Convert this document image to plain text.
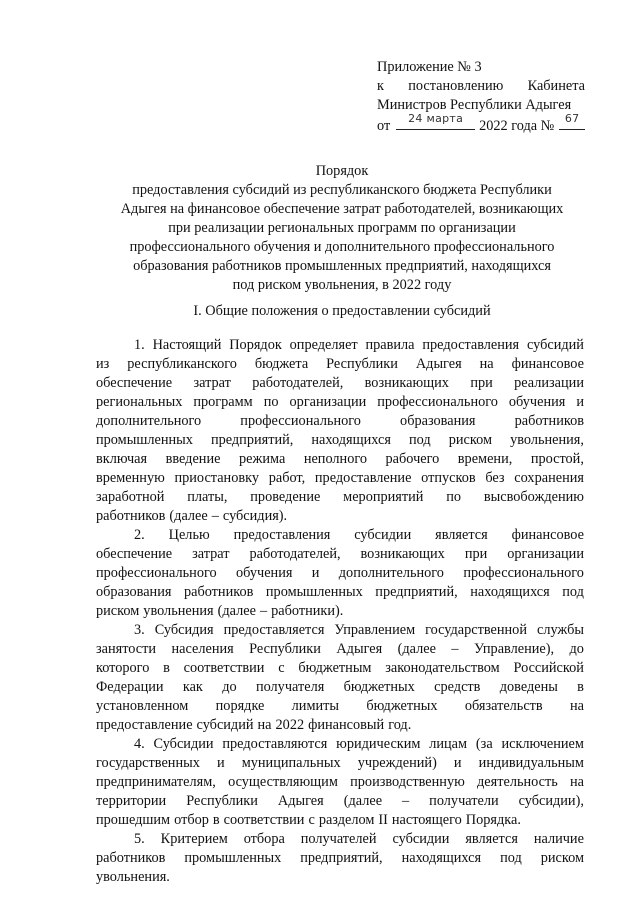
Приложение № 3
к постановлению Кабинета
Министров Республики Адыгея
от	24 марта	2022 года № 67
Порядок
предоставления субсидий из республиканского бюджета Республики
Адыгея на финансовое обеспечение затрат работодателей, возникающих
при реализации региональных программ по организации
профессионального обучения и дополнительного профессионального
образования работников промышленных предприятий, находящихся
под риском увольнения, в 2022 году
I. Общие положения о предоставлении субсидий
1. Настоящий Порядок определяет правила предоставления субсидий
из республиканского бюджета Республики Адыгея на финансовое
обеспечение затрат работодателей, возникающих при реализации
региональных программ по организации профессионального обучения и
дополнительного	профессионального	образования	работников
промышленных предприятий, находящихся под риском увольнения,
включая введение режима неполного рабочего времени, простой,
временную приостановку работ, предоставление отпусков без сохранения
заработной платы, проведение мероприятий по высвобождению
работников (далее – субсидия).
2. Целью предоставления субсидии является финансовое
обеспечение затрат работодателей, возникающих при организации
профессионального обучения и дополнительного профессионального
образования работников промышленных предприятий, находящихся под
риском увольнения (далее – работники).
3. Субсидия предоставляется Управлением государственной службы
занятости населения Республики Адыгея (далее – Управление), до
которого в соответствии с бюджетным законодательством Российской
Федерации как до получателя бюджетных средств доведены в
установленном порядке лимиты бюджетных обязательств на
предоставление субсидий на 2022 финансовый год.
4. Субсидии предоставляются юридическим лицам (за исключением
государственных и муниципальных учреждений) и индивидуальным
предпринимателям, осуществляющим производственную деятельность на
территории Республики Адыгея (далее – получатели субсидии),
прошедшим отбор в соответствии с разделом II настоящего Порядка.
5. Критерием отбора получателей субсидии является наличие
работников промышленных предприятий, находящихся под риском
увольнения.
